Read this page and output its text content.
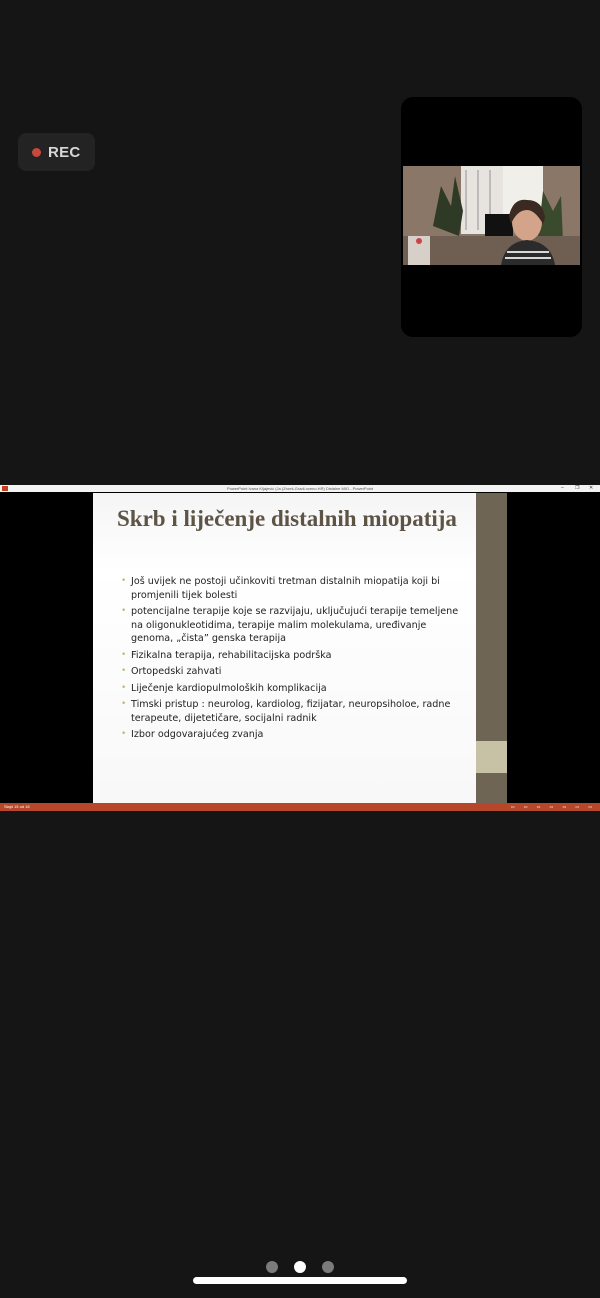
REC
PowerPoint Ivana Kljajević (Ja (Zroeš-Gradi.oceno.HR) Distalne MIO - PowerPoint	– ❐ ✕
Skrb i liječenje distalnih miopatija
• Još uvijek ne postoji učinkoviti tretman distalnih miopatija koji bi promjenili tijek bolesti
• potencijalne terapije koje se razvijaju, uključujući terapije temeljene na oligonukleotidima, terapije malim molekulama, uređivanje genoma, „čista” genska terapija
• Fizikalna terapija, rehabilitacijska podrška
• Ortopedski zahvati
• Liječenje kardiopulmoloških komplikacija
• Timski pristup : neurolog, kardiolog, fizijatar, neuropsiholoe, radne terapeute, dijetetičare, socijalni radnik
• Izbor odgovarajućeg zvanja
Slajd 15 od 18	▭ ▭ ▭ ▭ ▭ ▭ ▭
